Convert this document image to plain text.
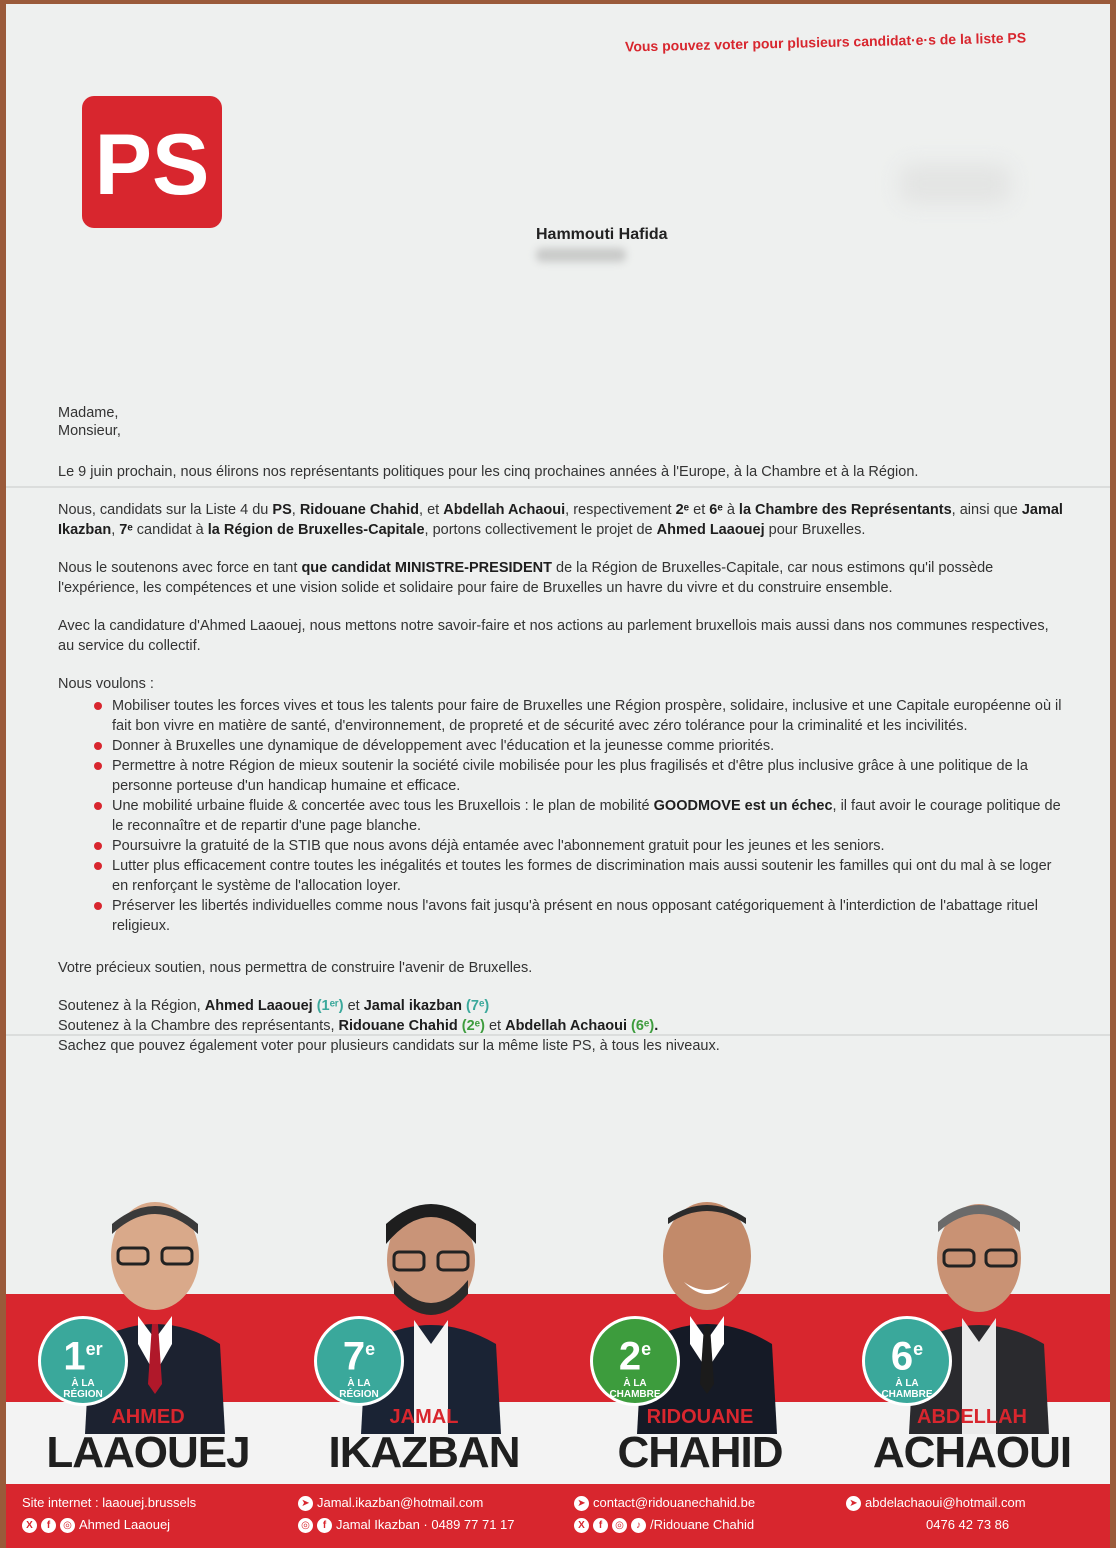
Vous pouvez voter pour plusieurs candidat·e·s de la liste PS
PS
Hammouti Hafida

Madame,
Monsieur,

Le 9 juin prochain, nous élirons nos représentants politiques pour les cinq prochaines années à l'Europe, à la Chambre et à la Région.

Nous, candidats sur la Liste 4 du PS, Ridouane Chahid, et Abdellah Achaoui, respectivement 2ᵉ et 6ᵉ à la Chambre des Représentants, ainsi que Jamal Ikazban, 7ᵉ candidat à la Région de Bruxelles-Capitale, portons collectivement le projet de Ahmed Laaouej pour Bruxelles.

Nous le soutenons avec force en tant que candidat MINISTRE-PRESIDENT de la Région de Bruxelles-Capitale, car nous estimons qu'il possède l'expérience, les compétences et une vision solide et solidaire pour faire de Bruxelles un havre du vivre et du construire ensemble.

Avec la candidature d'Ahmed Laaouej, nous mettons notre savoir-faire et nos actions au parlement bruxellois mais aussi dans nos communes respectives, au service du collectif.

Nous voulons :

Mobiliser toutes les forces vives et tous les talents pour faire de Bruxelles une Région prospère, solidaire, inclusive et une Capitale européenne où il fait bon vivre en matière de santé, d'environnement, de propreté et de sécurité avec zéro tolérance pour la criminalité et les incivilités.
Donner à Bruxelles une dynamique de développement avec l'éducation et la jeunesse comme priorités.
Permettre à notre Région de mieux soutenir la société civile mobilisée pour les plus fragilisés et d'être plus inclusive grâce à une politique de la personne porteuse d'un handicap humaine et efficace.
Une mobilité urbaine fluide & concertée avec tous les Bruxellois : le plan de mobilité GOODMOVE est un échec, il faut avoir le courage politique de le reconnaître et de repartir d'une page blanche.
Poursuivre la gratuité de la STIB que nous avons déjà entamée avec l'abonnement gratuit pour les jeunes et les seniors.
Lutter plus efficacement contre toutes les inégalités et toutes les formes de discrimination mais aussi soutenir les familles qui ont du mal à se loger en renforçant le système de l'allocation loyer.
Préserver les libertés individuelles comme nous l'avons fait jusqu'à présent en nous opposant catégoriquement à l'interdiction de l'abattage rituel religieux.

Votre précieux soutien, nous permettra de construire l'avenir de Bruxelles.

Soutenez à la Région, Ahmed Laaouej (1ᵉʳ) et Jamal ikazban (7ᵉ)

Soutenez à la Chambre des représentants, Ridouane Chahid (2ᵉ) et Abdellah Achaoui (6ᵉ).

Sachez que pouvez également voter pour plusieurs candidats sur la même liste PS, à tous les niveaux.

1er
À LA
RÉGION
AHMED
LAAOUEJ
Site internet : laaouej.brussels
X	f	◎ Ahmed Laaouej
7e
À LA
RÉGION
JAMAL
IKAZBAN
➤ Jamal.ikazban@hotmail.com
◎	f Jamal Ikazban · 0489 77 71 17
2e
À LA
CHAMBRE
RIDOUANE
CHAHID
➤ contact@ridouanechahid.be
X	f	◎	♪ /Ridouane Chahid
6e
À LA
CHAMBRE
ABDELLAH
ACHAOUI
➤ abdelachaoui@hotmail.com
0476 42 73 86
